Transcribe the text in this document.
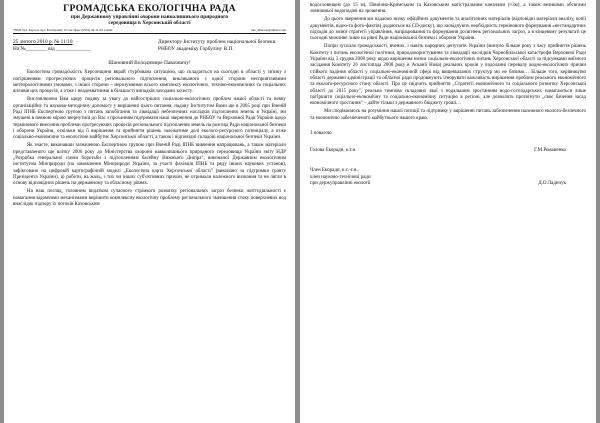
ГРОМАДСЬКА ЕКОЛОГІЧНА РАДА
при Державному управлінні охорони навколишнього природного
середовища в Херсонській області
73000 бул. Херсон, вул. Кооперації, 10 тел./факс (0552) 26-11-65 e-mail:	eko_kherson@ukrnet.com
25 лютого 2010 р. № 11/10
На №________ від _____________
Директору Інституту проблем національної безпеки РНБОУ академіку Горбуліну В.П.
Шановний Володимире Павловичу!

Екологічна громадськість Херсонщини вкрай стурбована ситуацією, що складається на сьогодні в області у зв'язку з погіршенням прогресуючих процесів регіонального підтоплення, викликаного з одної сторони несприятливими метеорологічними умовами, з іншої сторони – нерозумними всього комплексу екологічних, техніко-економічних та соціальних впливів цих процесів, а отже і неадекватними в більшості випадків заходами захисту.

Висловлюючи Вам щиру подяку за увагу до найгостріших соціально-екологічних проблем нашої області та певну організаційну та науково-методичну допомогу у вирішенні цього питання, надану Інститутом Вами ще в 2005 році при Вченій Раді ІПНБ Експертною групою з питань запобігання та ліквідації небезпечних наслідків підтоплення земель в Україні, ми змушені в певною мірою звернутися до Вас з проханням підтримати наші звернення до РНБОУ та Верховної Ради України щодо термінового внесення проблеми прогресуючих процесів регіонального підтоплення земель на розгляд Ради національної безпеки і оборони України, оскільки від її вирішення та прийняття рішень залежатиме долі еколого-ресурсного потенціалу, а отже соціально-економічне та екологічне майбутнє Херсонської області, а також і відповідні складові національної безпеки України.

Як знаєте, виконавши зазначеною Експертною групою при Вченій Раді ІПНБ вивчення напрацювань, а також матеріали представленого ще влітку 2006 року до Міністерства охорони навколишнього природного середовища України звіту НДР „Розробка генеральної схеми боротьби з підтопленням басейну Нижнього Дніпра", виконаної Державним екологічним інститутом Мінприроди (на замовлення Мінприроди України, за участі фахівців ІПНБ та ряду інших наукових установ), зафіксовано на цифровій картографічній моделі „Екологічна карта Херсонської області" (виконано за підтримки гранту Президента України), ці роботи, на жаль, з тих чи інших суб'єктивних причин, не отримали належного визнання та не лягли в основу відповідних рішень на державному та обласному рівнях.

На наш погляд, головним видатком сучасного стрімкого розвитку регіональних загроз безпеки життєдіяльності є намагання відомчими механізмами вирішити комплексну екологічну проблему регіонального зменшення стоку поверхневих вод внаслідок підпору їх потоків Каховським

водосховищем (до 15 м), Північно-Кримським та Каховським магістральним каналами (≈3м), а також великими обсягами зовнішньої водоподачі на зрошення.

До цього звернення ми надаємо низку офіційних документів та аналітичних матеріалів (відповідні матеріали аналізу, копії документів, відео-та фото-фактів) додаються на CD-диску), що засвідчують необхідність термінового формування «нестандартних підходів до зміни стратегії управління, напрацювання та формування досягнень регіональних загроз, а в кінцевому результаті це сьогодні можливе лише на рівні Ради національної безпеки і оборони України.

Попри зусилля громадськості, вчених, і навіть народних депутатів України (минуло більше року з часу прийняття рішень Комітету з питань екологічної політики, природокористування та ліквідації наслідків Чорнобильської катастрофи Верховної Ради України від 3 грудня 2008 року щодо вирішення низки соціально-екологічних питань Херсонської області за підсумками виїзного засідання Комітету 26 листопада 2008 року в Асканії Нова) реальних кроків у подоланні перевалу водно-екологічних причин стійкого падіння області у соціально-економічній сфері від вищевказаних структур ми не бачимо… Більше того, керівництво області державні адміністрації та обласної ради продовжують ігнорувати важливість вирішення проблем реального економічного та еколого-ресурсного стану області. Про це свідчить прийняття „Стратегії економічного та соціального розвитку Херсонської області до 2015 року", реальна темпова складових якої з подальшим зростанням водо-господарських намагаються лише погіршити соціально-економічну та соціально-економічну ситуацію в регіоні, але дозволить протягнути „своє бачення засад економічного зростання" – дайте тільки з державного бюджету гроші…

Ми сподіваємось на розуміння нашої позиції та підтримку у вирішенні питань забезпечення належного еколого-безпечного та економічно забезпеченого майбутнього нашого краю.

З повагою
Голова Екоради, к.т.н.	Г.М.Романенко
Член Екоради, к.с.-г.н.,
член науково-технічної ради
при держуправлінні екології	Д.О.Ладичук
